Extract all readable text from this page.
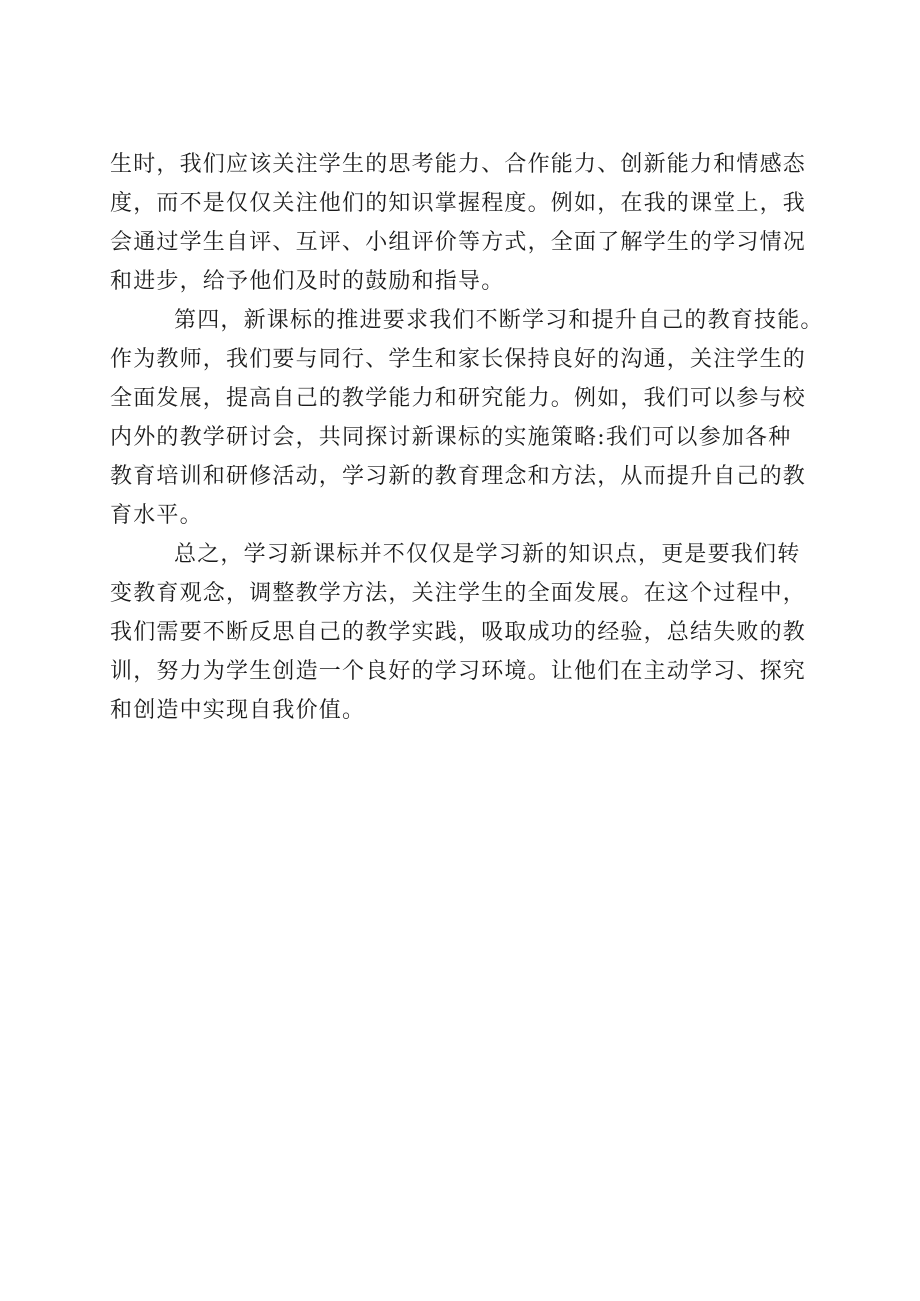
生时，我们应该关注学生的思考能力、合作能力、创新能力和情感态
度，而不是仅仅关注他们的知识掌握程度。例如，在我的课堂上，我
会通过学生自评、互评、小组评价等方式，全面了解学生的学习情况
和进步，给予他们及时的鼓励和指导。
第四，新课标的推进要求我们不断学习和提升自己的教育技能。
作为教师，我们要与同行、学生和家长保持良好的沟通，关注学生的
全面发展，提高自己的教学能力和研究能力。例如，我们可以参与校
内外的教学研讨会，共同探讨新课标的实施策略:我们可以参加各种
教育培训和研修活动，学习新的教育理念和方法，从而提升自己的教
育水平。
总之，学习新课标并不仅仅是学习新的知识点，更是要我们转
变教育观念，调整教学方法，关注学生的全面发展。在这个过程中，
我们需要不断反思自己的教学实践，吸取成功的经验，总结失败的教
训，努力为学生创造一个良好的学习环境。让他们在主动学习、探究
和创造中实现自我价值。
